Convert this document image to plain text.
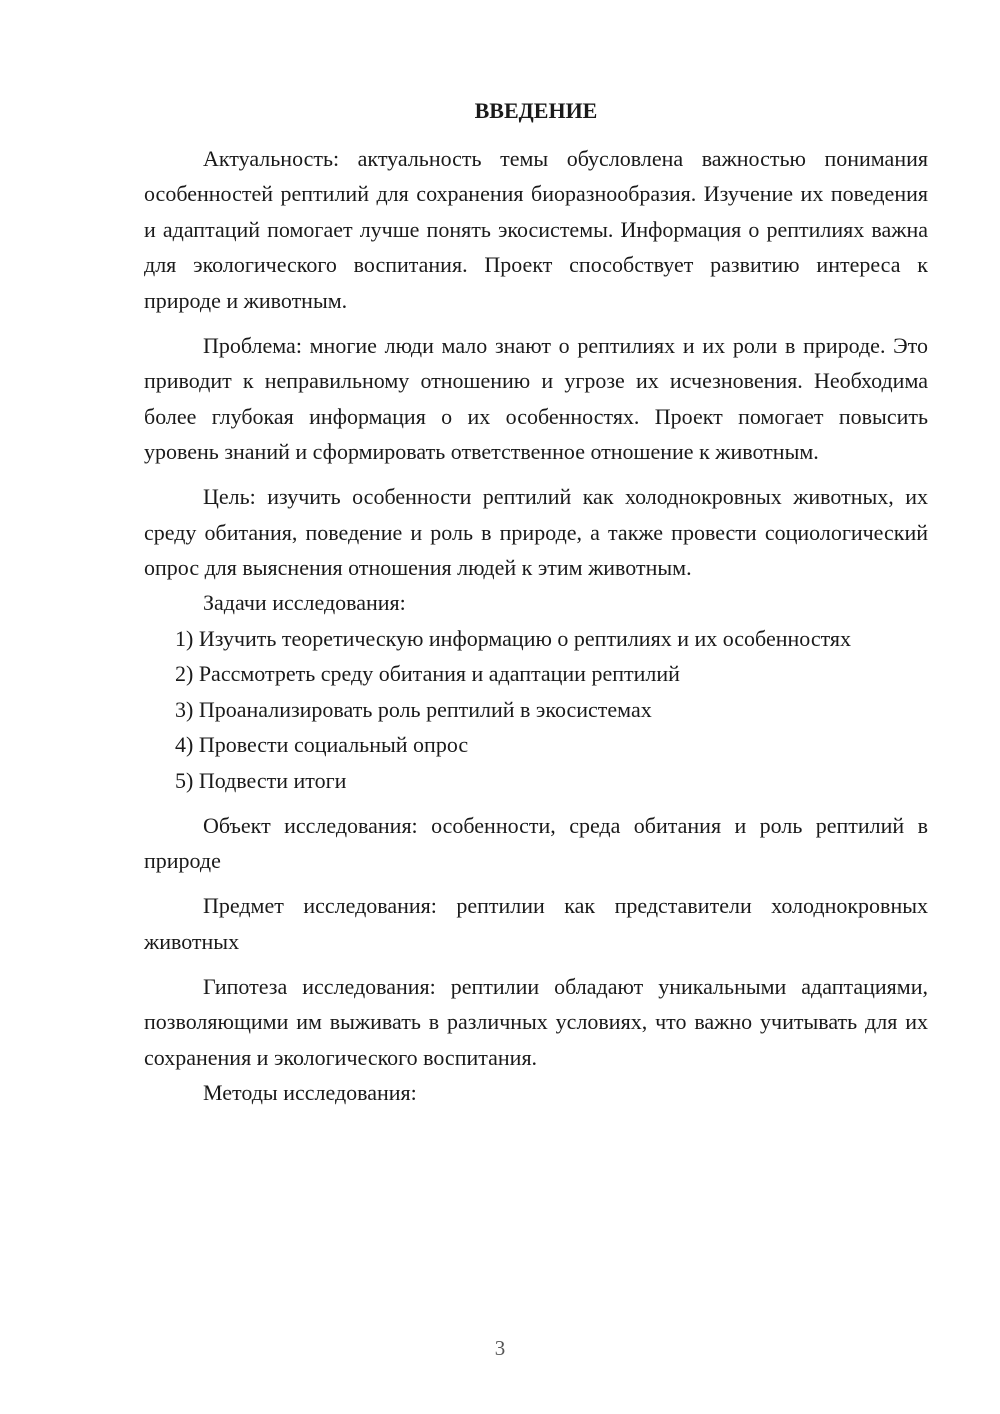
ВВЕДЕНИЕ

Актуальность: актуальность темы обусловлена важностью понимания особенностей рептилий для сохранения биоразнообразия. Изучение их поведения и адаптаций помогает лучше понять экосистемы. Информация о рептилиях важна для экологического воспитания. Проект способствует развитию интереса к природе и животным.

Проблема: многие люди мало знают о рептилиях и их роли в природе. Это приводит к неправильному отношению и угрозе их исчезновения. Необходима более глубокая информация о их особенностях. Проект помогает повысить уровень знаний и сформировать ответственное отношение к животным.

Цель: изучить особенности рептилий как холоднокровных животных, их среду обитания, поведение и роль в природе, а также провести социологический опрос для выяснения отношения людей к этим животным.

Задачи исследования:

1) Изучить теоретическую информацию о рептилиях и их особенностях

2) Рассмотреть среду обитания и адаптации рептилий

3) Проанализировать роль рептилий в экосистемах

4) Провести социальный опрос

5) Подвести итоги

Объект исследования: особенности, среда обитания и роль рептилий в природе

Предмет исследования: рептилии как представители холоднокровных животных

Гипотеза исследования: рептилии обладают уникальными адаптациями, позволяющими им выживать в различных условиях, что важно учитывать для их сохранения и экологического воспитания.

Методы исследования:

3
